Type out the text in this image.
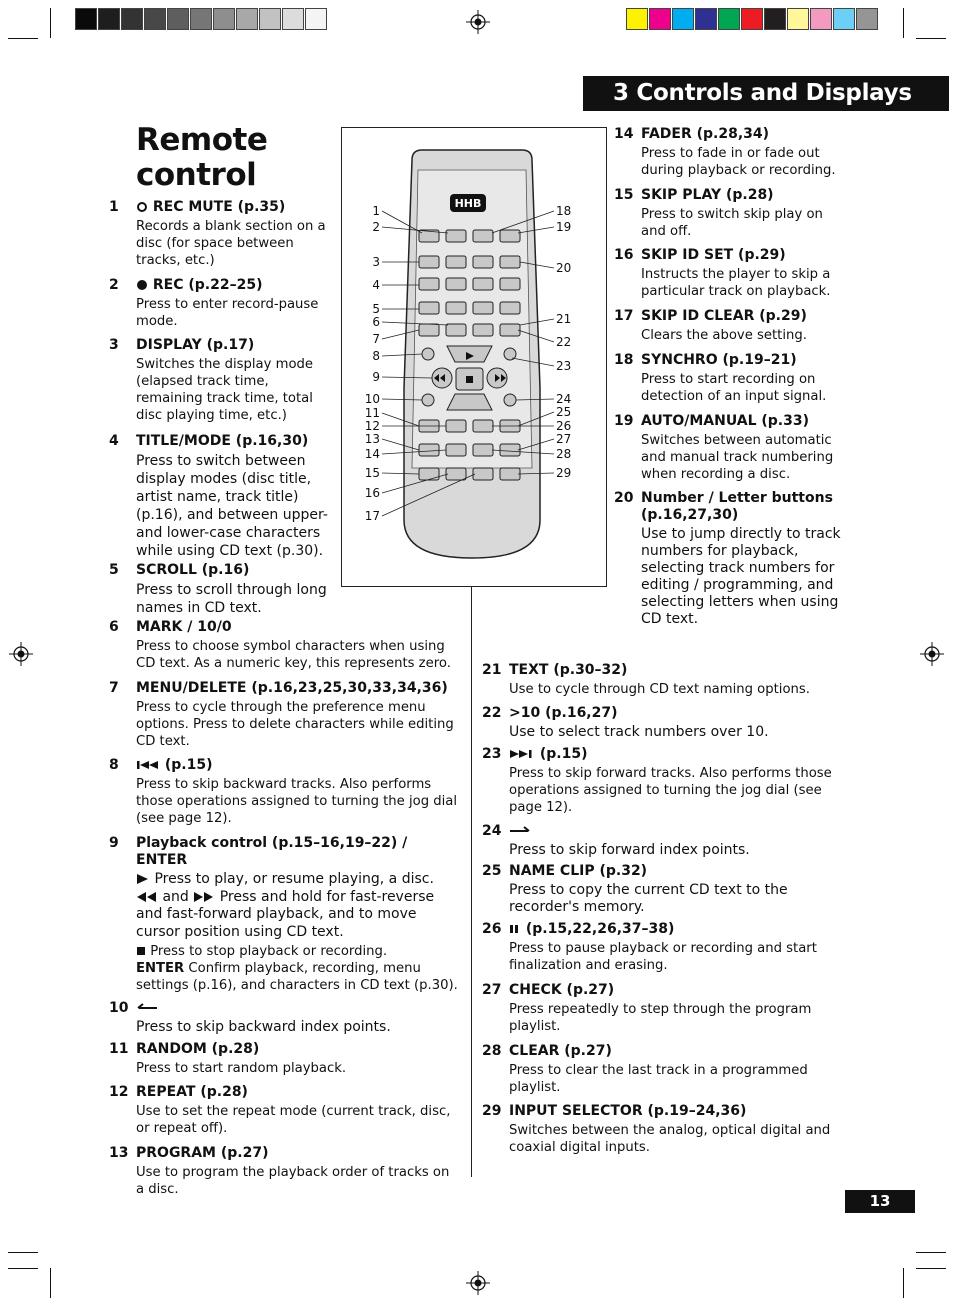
3 Controls and Displays
Remote
control
HHB
1
2
3
4
5
6
7
8
9
10
11
12
13
14
15
16
17
18
19
20
21
22
23
24
25
26
27
28
29
1 REC MUTE (p.35)
Records a blank section on a disc (for space between tracks, etc.)
2 REC (p.22–25)
Press to enter record-pause mode.
3 DISPLAY (p.17)
Switches the display mode (elapsed track time, remaining track time, total disc playing time, etc.)
4 TITLE/MODE (p.16,30)
Press to switch between display modes (disc title, artist name, track title) (p.16), and between upper- and lower-case characters while using CD text (p.30).
5 SCROLL (p.16)
Press to scroll through long names in CD text.
6 MARK / 10/0
Press to choose symbol characters when using CD text. As a numeric key, this represents zero.
7 MENU/DELETE (p.16,23,25,30,33,34,36)
Press to cycle through the preference menu options. Press to delete characters while editing CD text.
8	(p.15)
Press to skip backward tracks. Also performs those operations assigned to turning the jog dial (see page 12).
9 Playback control (p.15–16,19–22) / ENTER
Press to play, or resume playing, a disc.
and Press and hold for fast-reverse and fast-forward playback, and to move cursor position using CD text.
Press to stop playback or recording.
ENTER Confirm playback, recording, menu settings (p.16), and characters in CD text (p.30).
10
Press to skip backward index points.
11 RANDOM (p.28)
Press to start random playback.
12 REPEAT (p.28)
Use to set the repeat mode (current track, disc, or repeat off).
13 PROGRAM (p.27)
Use to program the playback order of tracks on a disc.
14 FADER (p.28,34)
Press to fade in or fade out during playback or recording.
15 SKIP PLAY (p.28)
Press to switch skip play on and off.
16 SKIP ID SET (p.29)
Instructs the player to skip a particular track on playback.
17 SKIP ID CLEAR (p.29)
Clears the above setting.
18 SYNCHRO (p.19–21)
Press to start recording on detection of an input signal.
19 AUTO/MANUAL (p.33)
Switches between automatic and manual track numbering when recording a disc.
20 Number / Letter buttons (p.16,27,30)
Use to jump directly to track numbers for playback, selecting track numbers for editing / programming, and selecting letters when using CD text.
21 TEXT (p.30–32)
Use to cycle through CD text naming options.
22 >10 (p.16,27)
Use to select track numbers over 10.
23	(p.15)
Press to skip forward tracks. Also performs those operations assigned to turning the jog dial (see page 12).
24
Press to skip forward index points.
25 NAME CLIP (p.32)
Press to copy the current CD text to the recorder's memory.
26 (p.15,22,26,37–38)
Press to pause playback or recording and start finalization and erasing.
27 CHECK (p.27)
Press repeatedly to step through the program playlist.
28 CLEAR (p.27)
Press to clear the last track in a programmed playlist.
29 INPUT SELECTOR (p.19–24,36)
Switches between the analog, optical digital and coaxial digital inputs.
13
